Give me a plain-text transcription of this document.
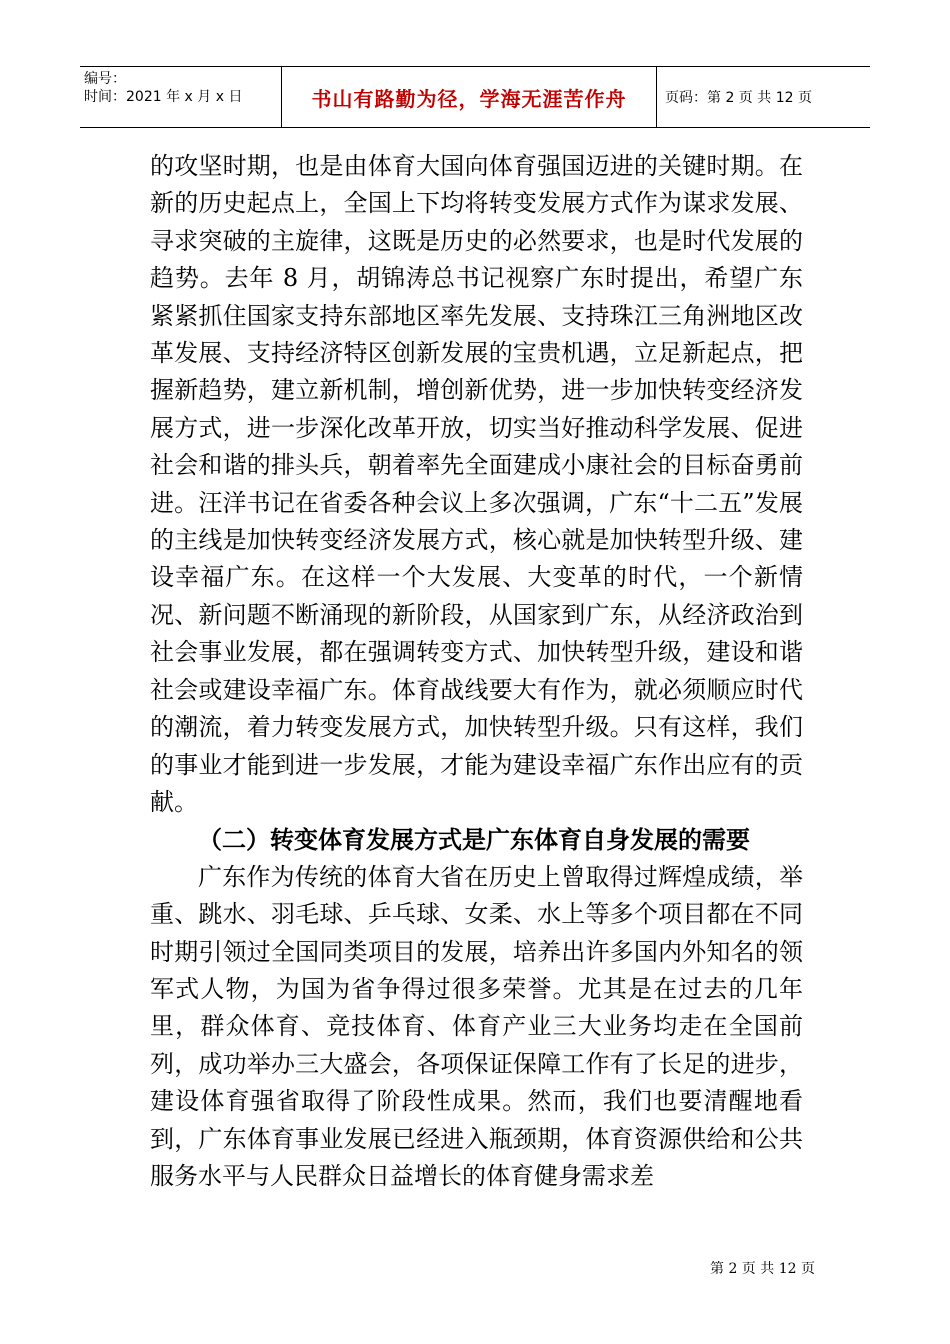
编号：
时间：2021 年 x 月 x 日	书山有路勤为径，学海无涯苦作舟	页码：第 2 页 共 12 页

的攻坚时期，也是由体育大国向体育强国迈进的关键时期。在新的历史起点上，全国上下均将转变发展方式作为谋求发展、寻求突破的主旋律，这既是历史的必然要求，也是时代发展的趋势。去年 8 月，胡锦涛总书记视察广东时提出，希望广东紧紧抓住国家支持东部地区率先发展、支持珠江三角洲地区改革发展、支持经济特区创新发展的宝贵机遇，立足新起点，把握新趋势，建立新机制，增创新优势，进一步加快转变经济发展方式，进一步深化改革开放，切实当好推动科学发展、促进社会和谐的排头兵，朝着率先全面建成小康社会的目标奋勇前进。汪洋书记在省委各种会议上多次强调，广东“十二五”发展的主线是加快转变经济发展方式，核心就是加快转型升级、建设幸福广东。在这样一个大发展、大变革的时代，一个新情况、新问题不断涌现的新阶段，从国家到广东，从经济政治到社会事业发展，都在强调转变方式、加快转型升级，建设和谐社会或建设幸福广东。体育战线要大有作为，就必须顺应时代的潮流，着力转变发展方式，加快转型升级。只有这样，我们的事业才能到进一步发展，才能为建设幸福广东作出应有的贡献。

（二）转变体育发展方式是广东体育自身发展的需要

广东作为传统的体育大省在历史上曾取得过辉煌成绩，举重、跳水、羽毛球、乒乓球、女柔、水上等多个项目都在不同时期引领过全国同类项目的发展，培养出许多国内外知名的领军式人物，为国为省争得过很多荣誉。尤其是在过去的几年里，群众体育、竞技体育、体育产业三大业务均走在全国前列，成功举办三大盛会，各项保证保障工作有了长足的进步，建设体育强省取得了阶段性成果。然而，我们也要清醒地看到，广东体育事业发展已经进入瓶颈期，体育资源供给和公共服务水平与人民群众日益增长的体育健身需求差

第 2 页 共 12 页
